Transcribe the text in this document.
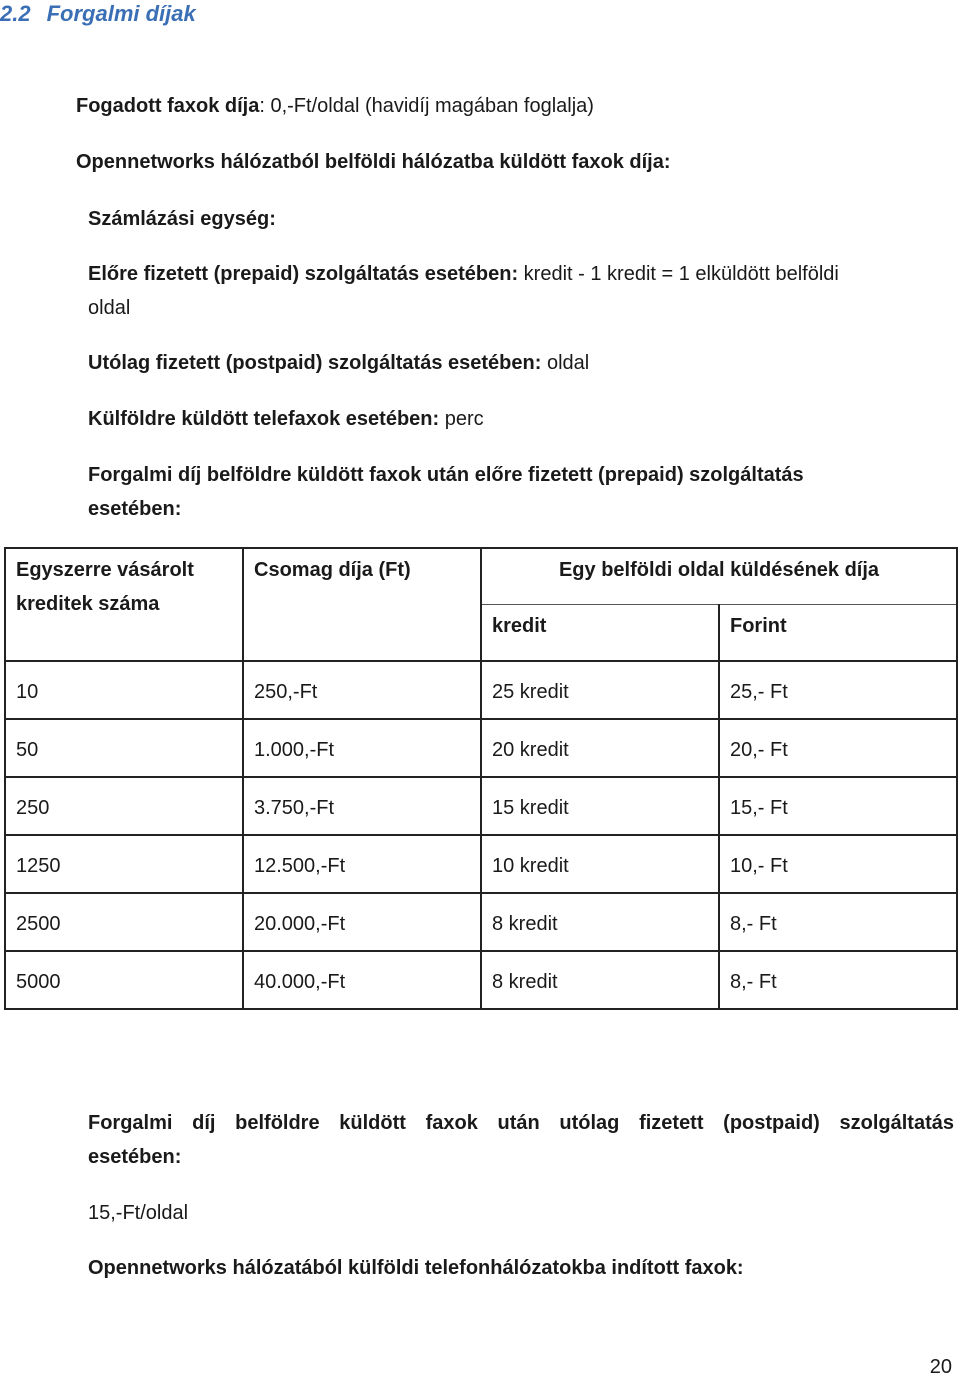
2.2 Forgalmi díjak
Fogadott faxok díja: 0,-Ft/oldal (havidíj magában foglalja)
Opennetworks hálózatból belföldi hálózatba küldött faxok díja:
Számlázási egység:
Előre fizetett (prepaid) szolgáltatás esetében: kredit - 1 kredit = 1 elküldött belföldi
oldal
Utólag fizetett (postpaid) szolgáltatás esetében: oldal
Külföldre küldött telefaxok esetében: perc
Forgalmi díj belföldre küldött faxok után előre fizetett (prepaid) szolgáltatás
esetében:
Egyszerre vásárolt
kreditek száma	Csomag díja (Ft)	Egy belföldi oldal küldésének díja	

		kredit	Forint

10	250,-Ft	25 kredit	25,- Ft
50	1.000,-Ft	20 kredit	20,- Ft
250	3.750,-Ft	15 kredit	15,- Ft
1250	12.500,-Ft	10 kredit	10,- Ft
2500	20.000,-Ft	8 kredit	8,- Ft
5000	40.000,-Ft	8 kredit	8,- Ft
Forgalmi díj belföldre küldött faxok után utólag fizetett (postpaid) szolgáltatás
esetében:
15,-Ft/oldal
Opennetworks hálózatából külföldi telefonhálózatokba indított faxok:
20
